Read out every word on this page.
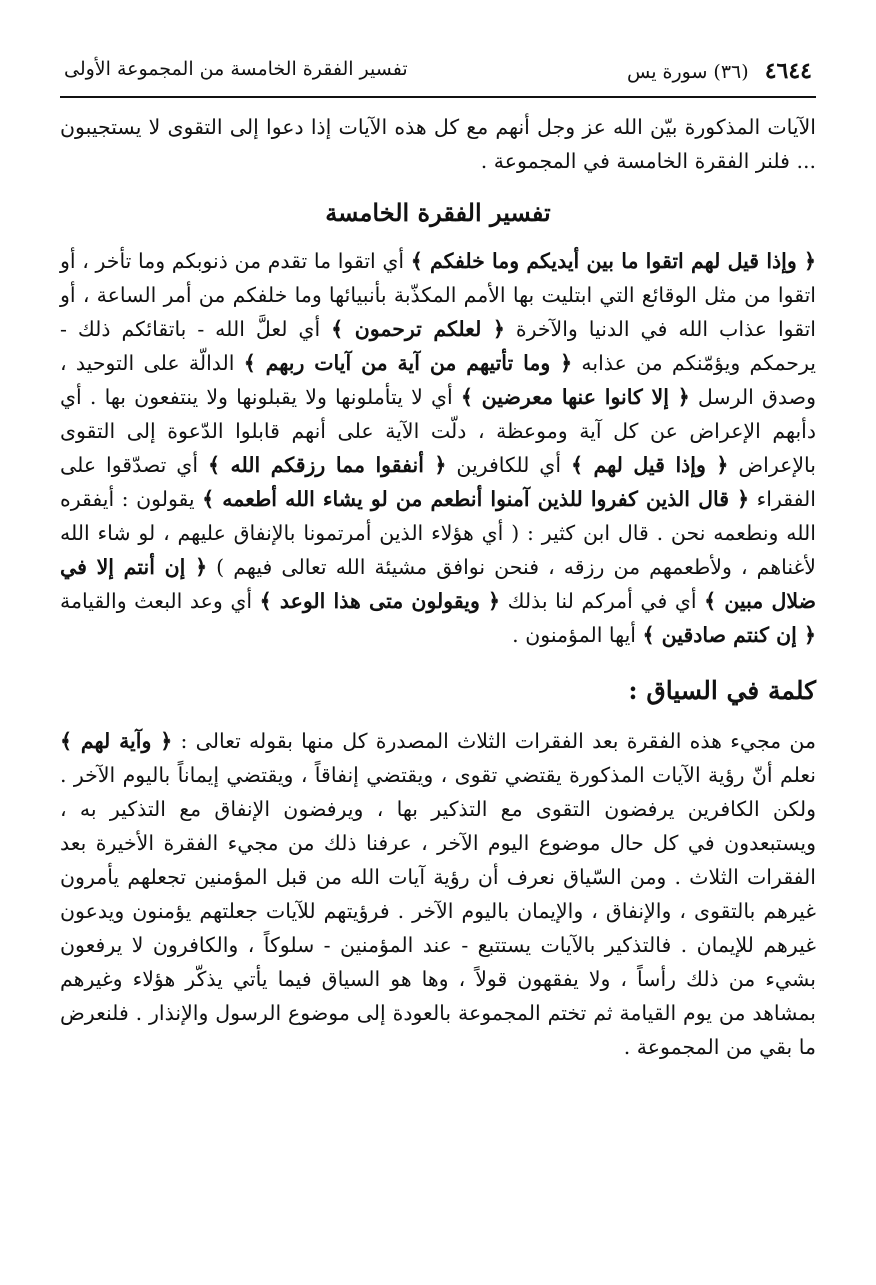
٤٦٤٤ (٣٦) سورة يس
تفسير الفقرة الخامسة من المجموعة الأولى

الآيات المذكورة بيّن الله عز وجل أنهم مع كل هذه الآيات إذا دعوا إلى التقوى لا يستجيبون ... فلنر الفقرة الخامسة في المجموعة .

تفسير الفقرة الخامسة

﴿ وإذا قيل لهم اتقوا ما بين أيديكم وما خلفكم ﴾ أي اتقوا ما تقدم من ذنوبكم وما تأخر ، أو اتقوا من مثل الوقائع التي ابتليت بها الأمم المكذّبة بأنبيائها وما خلفكم من أمر الساعة ، أو اتقوا عذاب الله في الدنيا والآخرة ﴿ لعلكم ترحمون ﴾ أي لعلَّ الله - باتقائكم ذلك - يرحمكم ويؤمّنكم من عذابه ﴿ وما تأتيهم من آية من آيات ربهم ﴾ الدالّة على التوحيد ، وصدق الرسل ﴿ إلا كانوا عنها معرضين ﴾ أي لا يتأملونها ولا يقبلونها ولا ينتفعون بها . أي دأبهم الإعراض عن كل آية وموعظة ، دلّت الآية على أنهم قابلوا الدّعوة إلى التقوى بالإعراض ﴿ وإذا قيل لهم ﴾ أي للكافرين ﴿ أنفقوا مما رزقكم الله ﴾ أي تصدّقوا على الفقراء ﴿ قال الذين كفروا للذين آمنوا أنطعم من لو يشاء الله أطعمه ﴾ يقولون : أيفقره الله ونطعمه نحن . قال ابن كثير : ( أي هؤلاء الذين أمرتمونا بالإنفاق عليهم ، لو شاء الله لأغناهم ، ولأطعمهم من رزقه ، فنحن نوافق مشيئة الله تعالى فيهم ) ﴿ إن أنتم إلا في ضلال مبين ﴾ أي في أمركم لنا بذلك ﴿ ويقولون متى هذا الوعد ﴾ أي وعد البعث والقيامة ﴿ إن كنتم صادقين ﴾ أيها المؤمنون .

كلمة في السياق :

من مجيء هذه الفقرة بعد الفقرات الثلاث المصدرة كل منها بقوله تعالى : ﴿ وآية لهم ﴾ نعلم أنّ رؤية الآيات المذكورة يقتضي تقوى ، ويقتضي إنفاقاً ، ويقتضي إيماناً باليوم الآخر . ولكن الكافرين يرفضون التقوى مع التذكير بها ، ويرفضون الإنفاق مع التذكير به ، ويستبعدون في كل حال موضوع اليوم الآخر ، عرفنا ذلك من مجيء الفقرة الأخيرة بعد الفقرات الثلاث . ومن السّياق نعرف أن رؤية آيات الله من قبل المؤمنين تجعلهم يأمرون غيرهم بالتقوى ، والإنفاق ، والإيمان باليوم الآخر . فرؤيتهم للآيات جعلتهم يؤمنون ويدعون غيرهم للإيمان . فالتذكير بالآيات يستتبع - عند المؤمنين - سلوكاً ، والكافرون لا يرفعون بشيء من ذلك رأساً ، ولا يفقهون قولاً ، وها هو السياق فيما يأتي يذكّر هؤلاء وغيرهم بمشاهد من يوم القيامة ثم تختم المجموعة بالعودة إلى موضوع الرسول والإنذار . فلنعرض ما بقي من المجموعة .
